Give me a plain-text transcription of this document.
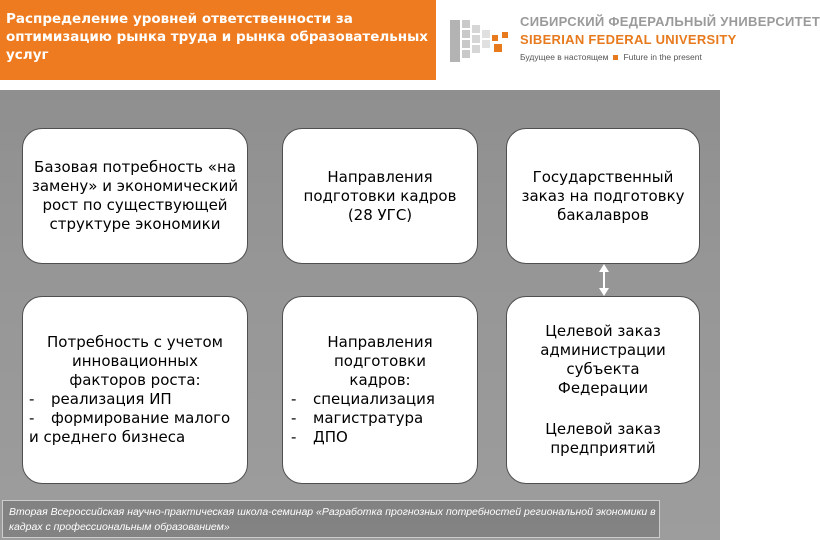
Распределение уровней ответственности за оптимизацию рынка труда и рынка образовательных услуг
СИБИРСКИЙ ФЕДЕРАЛЬНЫЙ УНИВЕРСИТЕТ
SIBERIAN FEDERAL UNIVERSITY
Будущее в настоящем Future in the present
Базовая потребность «на замену» и экономический рост по существующей структуре экономики
Направления подготовки кадров (28 УГС)
Государственный заказ на подготовку бакалавров
Потребность с учетом инновационных факторов роста:
- реализация ИП
- формирование малого и среднего бизнеса
Направления подготовки кадров:
- специализация
- магистратура
- ДПО
Целевой заказ администрации субъекта Федерации
Целевой заказ предприятий
Вторая Всероссийская научно-практическая школа-семинар «Разработка прогнозных потребностей региональной экономики в кадрах с профессиональным образованием»
